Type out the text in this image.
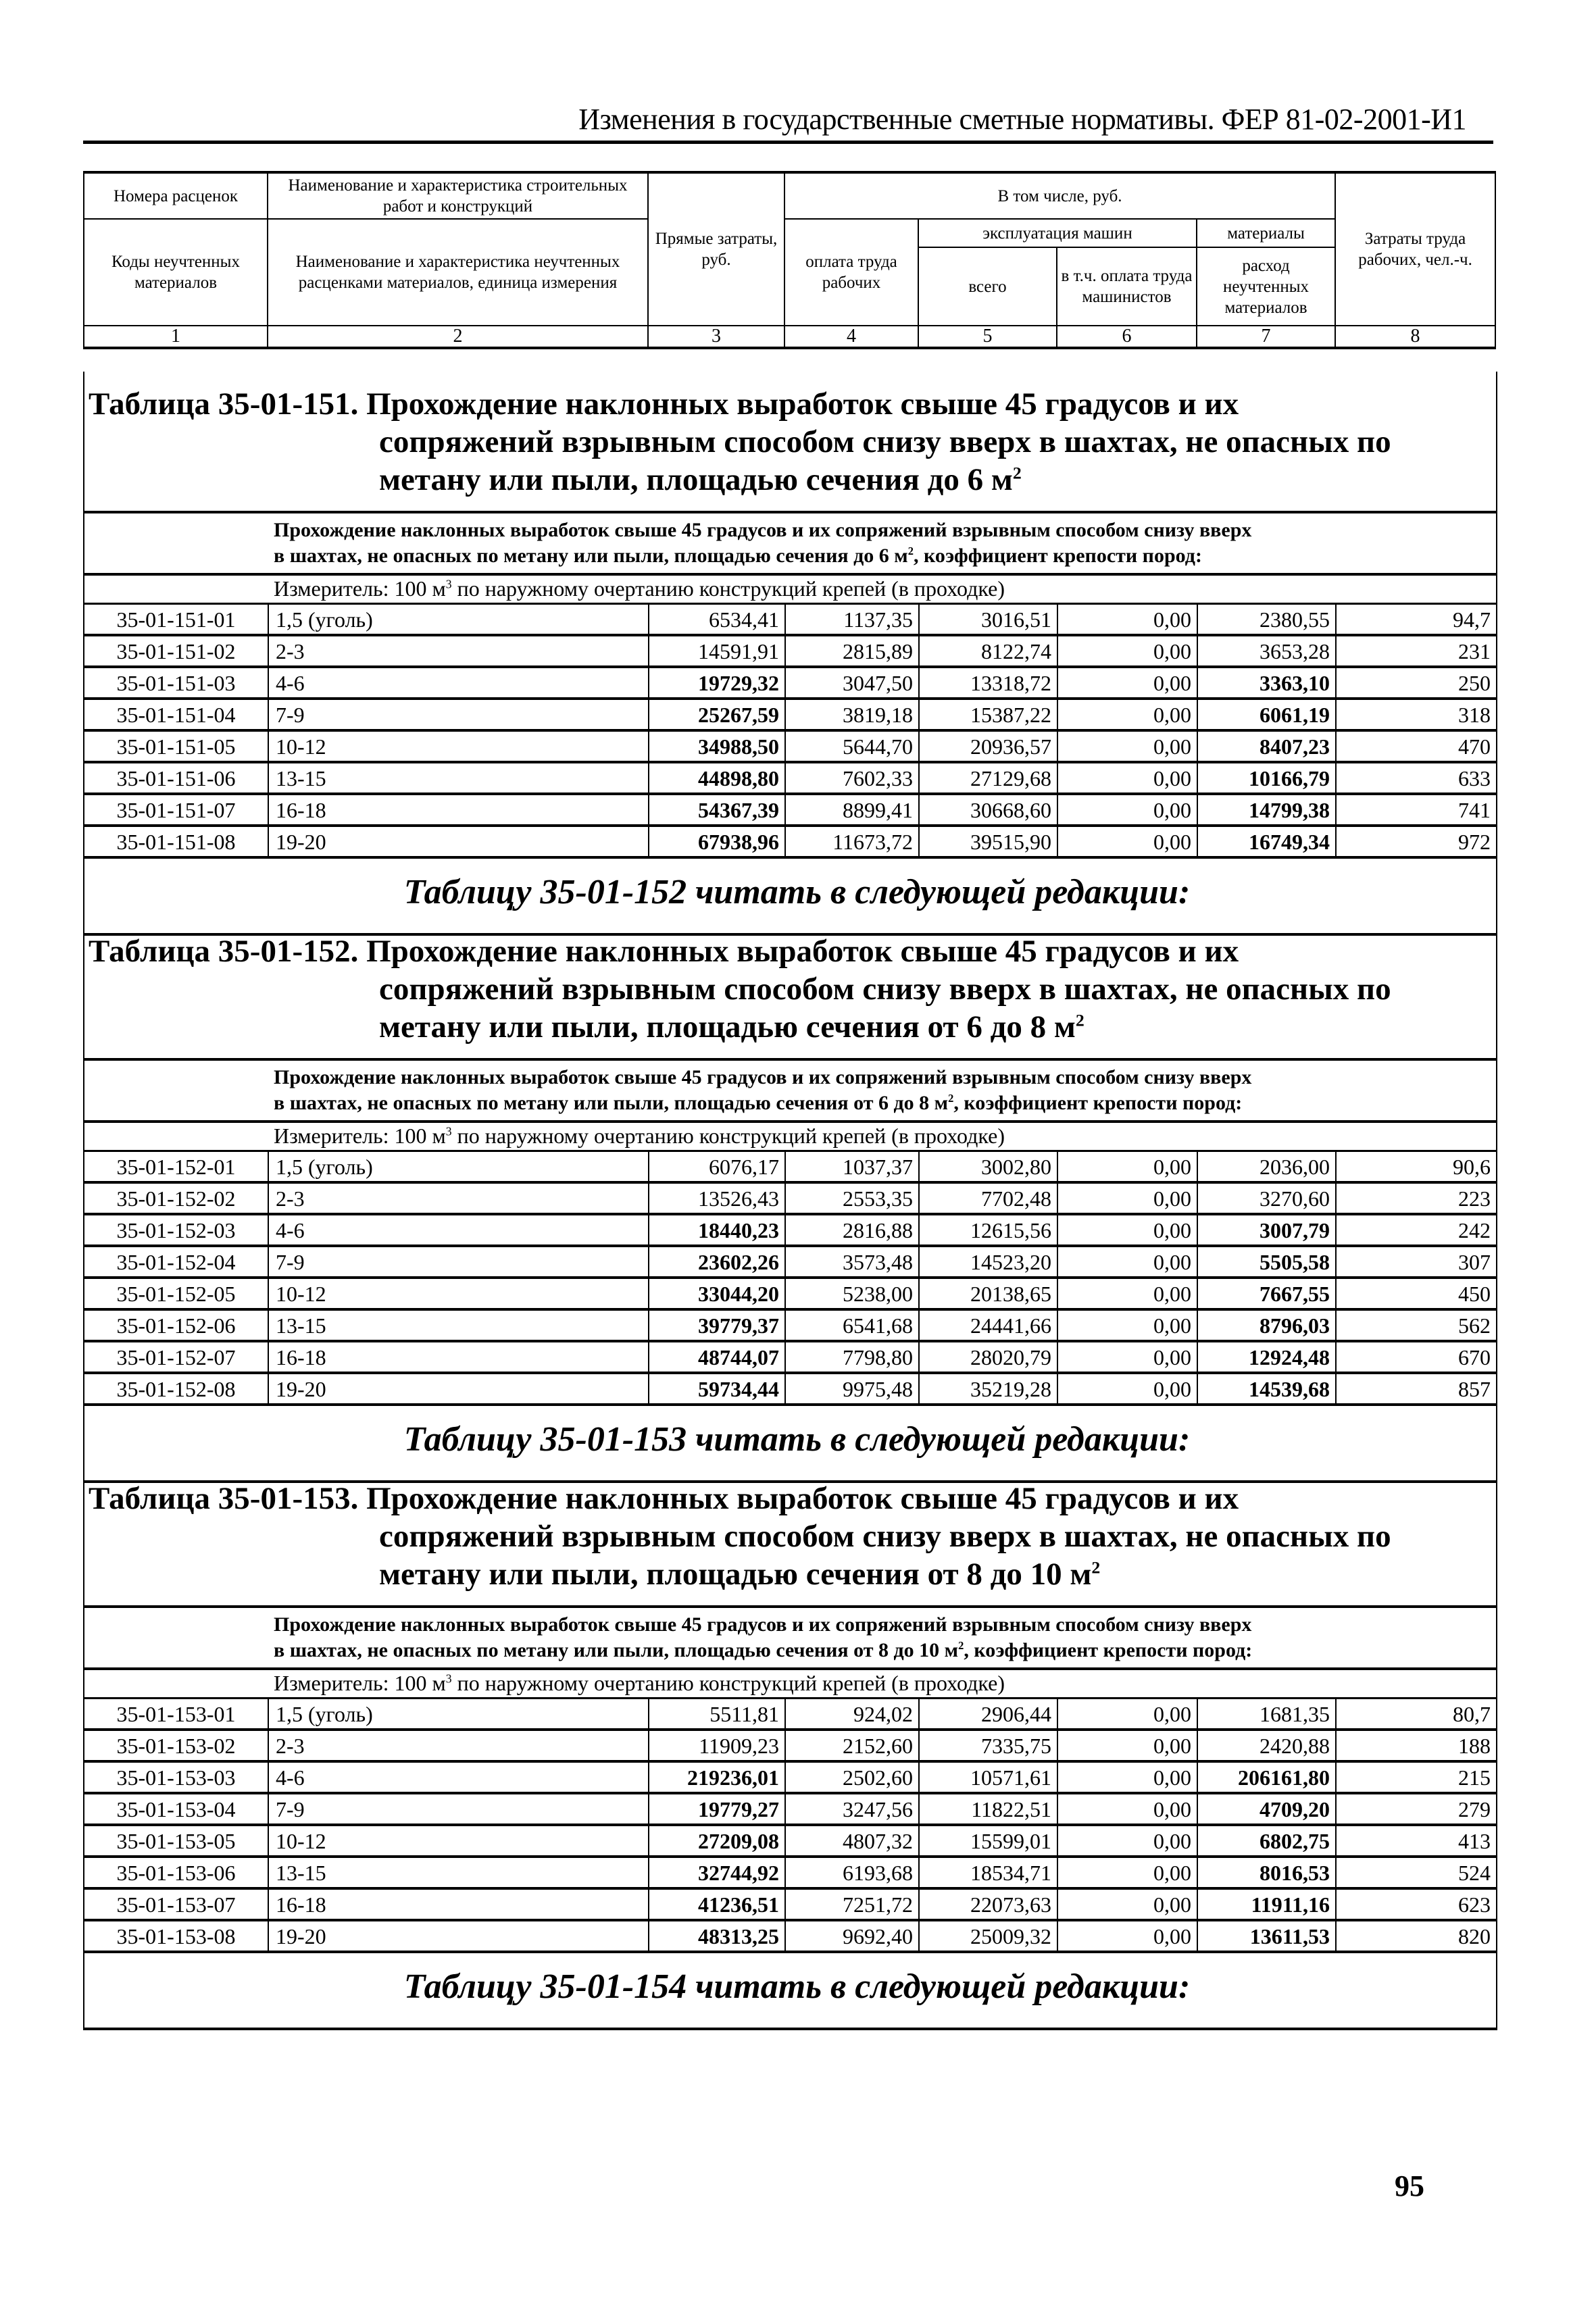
Изменения в государственные сметные нормативы. ФЕР 81-02-2001-И1
Номера расценок	Наименование и характеристика строительных работ и конструкций	Прямые затраты, руб.	В том числе, руб.				Затраты труда рабочих, чел.-ч.
Коды неучтенных материалов	Наименование и характеристика неучтенных расценками материалов, единица измерения		оплата труда рабочих	эксплуатация машин		материалы	
				всего	в т.ч. оплата труда машинистов	расход неучтенных материалов	
1	2	3	4	5	6	7	8
Таблица 35-01-151. Прохождение наклонных выработок свыше 45 градусов и их
сопряжений взрывным способом снизу вверх в шахтах, не опасных по
метану или пыли, площадью сечения до 6 $м^2$
Прохождение наклонных выработок свыше 45 градусов и их сопряжений взрывным способом снизу вверх
в шахтах, не опасных по метану или пыли, площадью сечения до 6 $м^2$, коэффициент крепости пород:
Измеритель: 100 $м^3$ по наружному очертанию конструкций крепей (в проходке)
35-01-151-01	1,5 (уголь)	6534,41	1137,35	3016,51	0,00	2380,55	94,7
35-01-151-02	2-3	14591,91	2815,89	8122,74	0,00	3653,28	231
35-01-151-03	4-6	19729,32	3047,50	13318,72	0,00	3363,10	250
35-01-151-04	7-9	25267,59	3819,18	15387,22	0,00	6061,19	318
35-01-151-05	10-12	34988,50	5644,70	20936,57	0,00	8407,23	470
35-01-151-06	13-15	44898,80	7602,33	27129,68	0,00	10166,79	633
35-01-151-07	16-18	54367,39	8899,41	30668,60	0,00	14799,38	741
35-01-151-08	19-20	67938,96	11673,72	39515,90	0,00	16749,34	972
Таблицу 35-01-152 читать в следующей редакции:
Таблица 35-01-152. Прохождение наклонных выработок свыше 45 градусов и их
сопряжений взрывным способом снизу вверх в шахтах, не опасных по
метану или пыли, площадью сечения от 6 до 8 $м^2$
Прохождение наклонных выработок свыше 45 градусов и их сопряжений взрывным способом снизу вверх
в шахтах, не опасных по метану или пыли, площадью сечения от 6 до 8 $м^2$, коэффициент крепости пород:
Измеритель: 100 $м^3$ по наружному очертанию конструкций крепей (в проходке)
35-01-152-01	1,5 (уголь)	6076,17	1037,37	3002,80	0,00	2036,00	90,6
35-01-152-02	2-3	13526,43	2553,35	7702,48	0,00	3270,60	223
35-01-152-03	4-6	18440,23	2816,88	12615,56	0,00	3007,79	242
35-01-152-04	7-9	23602,26	3573,48	14523,20	0,00	5505,58	307
35-01-152-05	10-12	33044,20	5238,00	20138,65	0,00	7667,55	450
35-01-152-06	13-15	39779,37	6541,68	24441,66	0,00	8796,03	562
35-01-152-07	16-18	48744,07	7798,80	28020,79	0,00	12924,48	670
35-01-152-08	19-20	59734,44	9975,48	35219,28	0,00	14539,68	857
Таблицу 35-01-153 читать в следующей редакции:
Таблица 35-01-153. Прохождение наклонных выработок свыше 45 градусов и их
сопряжений взрывным способом снизу вверх в шахтах, не опасных по
метану или пыли, площадью сечения от 8 до 10 $м^2$
Прохождение наклонных выработок свыше 45 градусов и их сопряжений взрывным способом снизу вверх
в шахтах, не опасных по метану или пыли, площадью сечения от 8 до 10 $м^2$, коэффициент крепости пород:
Измеритель: 100 $м^3$ по наружному очертанию конструкций крепей (в проходке)
35-01-153-01	1,5 (уголь)	5511,81	924,02	2906,44	0,00	1681,35	80,7
35-01-153-02	2-3	11909,23	2152,60	7335,75	0,00	2420,88	188
35-01-153-03	4-6	219236,01	2502,60	10571,61	0,00	206161,80	215
35-01-153-04	7-9	19779,27	3247,56	11822,51	0,00	4709,20	279
35-01-153-05	10-12	27209,08	4807,32	15599,01	0,00	6802,75	413
35-01-153-06	13-15	32744,92	6193,68	18534,71	0,00	8016,53	524
35-01-153-07	16-18	41236,51	7251,72	22073,63	0,00	11911,16	623
35-01-153-08	19-20	48313,25	9692,40	25009,32	0,00	13611,53	820
Таблицу 35-01-154 читать в следующей редакции:
95
